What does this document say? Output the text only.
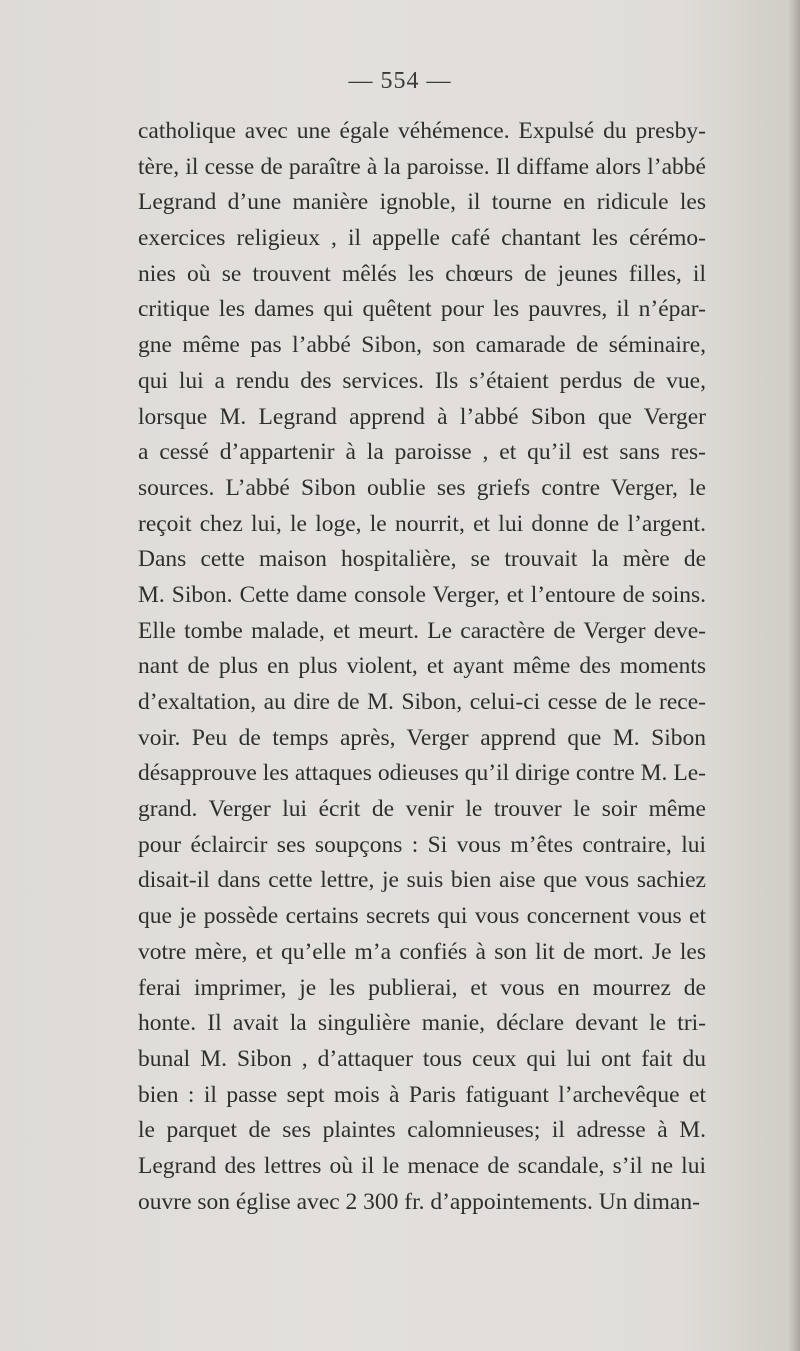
— 554 —
catholique avec une égale véhémence. Expulsé du presby-
tère, il cesse de paraître à la paroisse. Il diffame alors l’abbé
Legrand d’une manière ignoble, il tourne en ridicule les
exercices religieux , il appelle café chantant les cérémo-
nies où se trouvent mêlés les chœurs de jeunes filles, il
critique les dames qui quêtent pour les pauvres, il n’épar-
gne même pas l’abbé Sibon, son camarade de séminaire,
qui lui a rendu des services. Ils s’étaient perdus de vue,
lorsque M. Legrand apprend à l’abbé Sibon que Verger
a cessé d’appartenir à la paroisse , et qu’il est sans res-
sources. L’abbé Sibon oublie ses griefs contre Verger, le
reçoit chez lui, le loge, le nourrit, et lui donne de l’argent.
Dans cette maison hospitalière, se trouvait la mère de
M. Sibon. Cette dame console Verger, et l’entoure de soins.
Elle tombe malade, et meurt. Le caractère de Verger deve-
nant de plus en plus violent, et ayant même des moments
d’exaltation, au dire de M. Sibon, celui-ci cesse de le rece-
voir. Peu de temps après, Verger apprend que M. Sibon
désapprouve les attaques odieuses qu’il dirige contre M. Le-
grand. Verger lui écrit de venir le trouver le soir même
pour éclaircir ses soupçons : Si vous m’êtes contraire, lui
disait-il dans cette lettre, je suis bien aise que vous sachiez
que je possède certains secrets qui vous concernent vous et
votre mère, et qu’elle m’a confiés à son lit de mort. Je les
ferai imprimer, je les publierai, et vous en mourrez de
honte. Il avait la singulière manie, déclare devant le tri-
bunal M. Sibon , d’attaquer tous ceux qui lui ont fait du
bien : il passe sept mois à Paris fatiguant l’archevêque et
le parquet de ses plaintes calomnieuses; il adresse à M.
Legrand des lettres où il le menace de scandale, s’il ne lui
ouvre son église avec 2 300 fr. d’appointements. Un diman-
